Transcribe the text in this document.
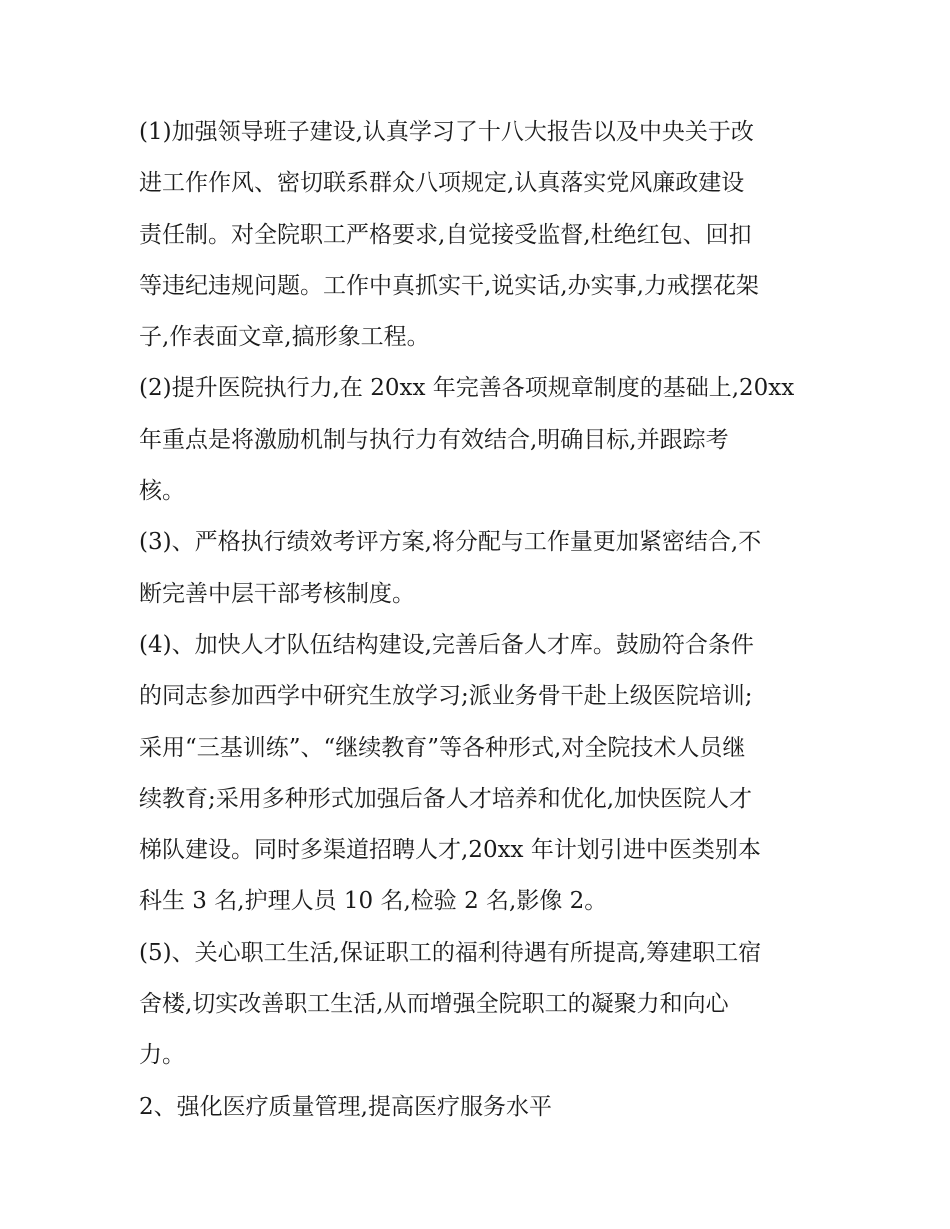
(1)加强领导班子建设,认真学习了十八大报告以及中央关于改
进工作作风、密切联系群众八项规定,认真落实党风廉政建设
责任制。对全院职工严格要求,自觉接受监督,杜绝红包、回扣
等违纪违规问题。工作中真抓实干,说实话,办实事,力戒摆花架
子,作表面文章,搞形象工程。
(2)提升医院执行力,在 20xx 年完善各项规章制度的基础上,20xx
年重点是将激励机制与执行力有效结合,明确目标,并跟踪考
核。
(3)、严格执行绩效考评方案,将分配与工作量更加紧密结合,不
断完善中层干部考核制度。
(4)、加快人才队伍结构建设,完善后备人才库。鼓励符合条件
的同志参加西学中研究生放学习;派业务骨干赴上级医院培训;
采用“三基训练”、“继续教育”等各种形式,对全院技术人员继
续教育;采用多种形式加强后备人才培养和优化,加快医院人才
梯队建设。同时多渠道招聘人才,20xx 年计划引进中医类别本
科生 3 名,护理人员 10 名,检验 2 名,影像 2。
(5)、关心职工生活,保证职工的福利待遇有所提高,筹建职工宿
舍楼,切实改善职工生活,从而增强全院职工的凝聚力和向心
力。
2、强化医疗质量管理,提高医疗服务水平
